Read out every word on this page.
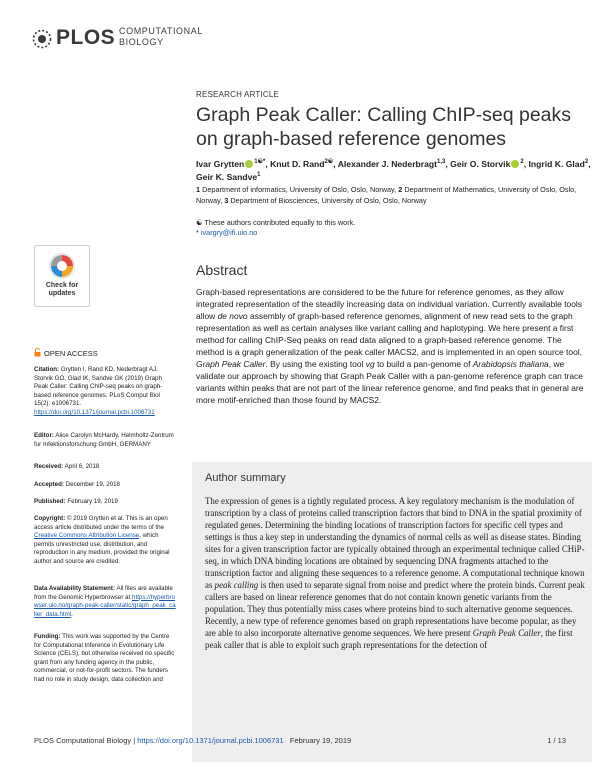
PLOS COMPUTATIONAL
BIOLOGY
RESEARCH ARTICLE
Graph Peak Caller: Calling ChIP-seq peaks on graph-based reference genomes
Ivar Grytten $^{1☯*}$, Knut D. Rand$^{2☯}$, Alexander J. Nederbragt$^{1,3}$, Geir O. Storvik $^2$, Ingrid K. Glad$^2$, Geir K. Sandve$^1$
1 Department of informatics, University of Oslo, Oslo, Norway, 2 Department of Mathematics, University of Oslo, Oslo, Norway, 3 Department of Biosciences, University of Oslo, Oslo, Norway
☯ These authors contributed equally to this work.
* ivargry@ifi.uio.no
Abstract

Graph-based representations are considered to be the future for reference genomes, as they allow integrated representation of the steadily increasing data on individual variation. Currently available tools allow de novo assembly of graph-based reference genomes, alignment of new read sets to the graph representation as well as certain analyses like variant calling and haplotyping. We here present a first method for calling ChIP-Seq peaks on read data aligned to a graph-based reference genome. The method is a graph generalization of the peak caller MACS2, and is implemented in an open source tool, Graph Peak Caller. By using the existing tool vg to build a pan-genome of Arabidopsis thaliana, we validate our approach by showing that Graph Peak Caller with a pan-genome reference graph can trace variants within peaks that are not part of the linear reference genome, and find peaks that in general are more motif-enriched than those found by MACS2.

Author summary

The expression of genes is a tightly regulated process. A key regulatory mechanism is the modulation of transcription by a class of proteins called transcription factors that bind to DNA in the spatial proximity of regulated genes. Determining the binding locations of transcription factors for specific cell types and settings is thus a key step in understanding the dynamics of normal cells as well as disease states. Binding sites for a given transcription factor are typically obtained through an experimental technique called CHiP-seq, in which DNA binding locations are obtained by sequencing DNA fragments attached to the transcription factor and aligning these sequences to a reference genome. A computational technique known as peak calling is then used to separate signal from noise and predict where the protein binds. Current peak callers are based on linear reference genomes that do not contain known genetic variants from the population. They thus potentially miss cases where proteins bind to such alternative genome sequences. Recently, a new type of reference genomes based on graph representations have become popular, as they are able to also incorporate alternative genome sequences. We here present Graph Peak Caller, the first peak caller that is able to exploit such graph representations for the detection of

Check for
updates
OPEN ACCESS
Citation: Grytten I, Rand KD, Nederbragt AJ, Storvik GO, Glad IK, Sandve GK (2019) Graph Peak Caller: Calling ChIP-seq peaks on graph-based reference genomes. PLoS Comput Biol 15(2): e1006731. https://doi.org/10.1371/journal.pcbi.1006731
Editor: Alice Carolyn McHardy, Helmholtz-Zentrum fur Infektionsforschung GmbH, GERMANY
Received: April 6, 2018
Accepted: December 19, 2018
Published: February 19, 2019
Copyright: © 2019 Grytten et al. This is an open access article distributed under the terms of the Creative Commons Attribution License, which permits unrestricted use, distribution, and reproduction in any medium, provided the original author and source are credited.
Data Availability Statement: All files are available from the Genomic Hyperbrowser at https://hyperbrowser.uio.no/graph-peak-caller/static/graph_peak_caller_data.html.
Funding: This work was supported by the Centre for Computational Inference in Evolutionary Life Science (CELS), but otherwise received no specific grant from any funding agency in the public, commercial, or not-for-profit sectors. The funders had no role in study design, data collection and
PLOS Computational Biology | https://doi.org/10.1371/journal.pcbi.1006731 February 19, 2019	1 / 13
